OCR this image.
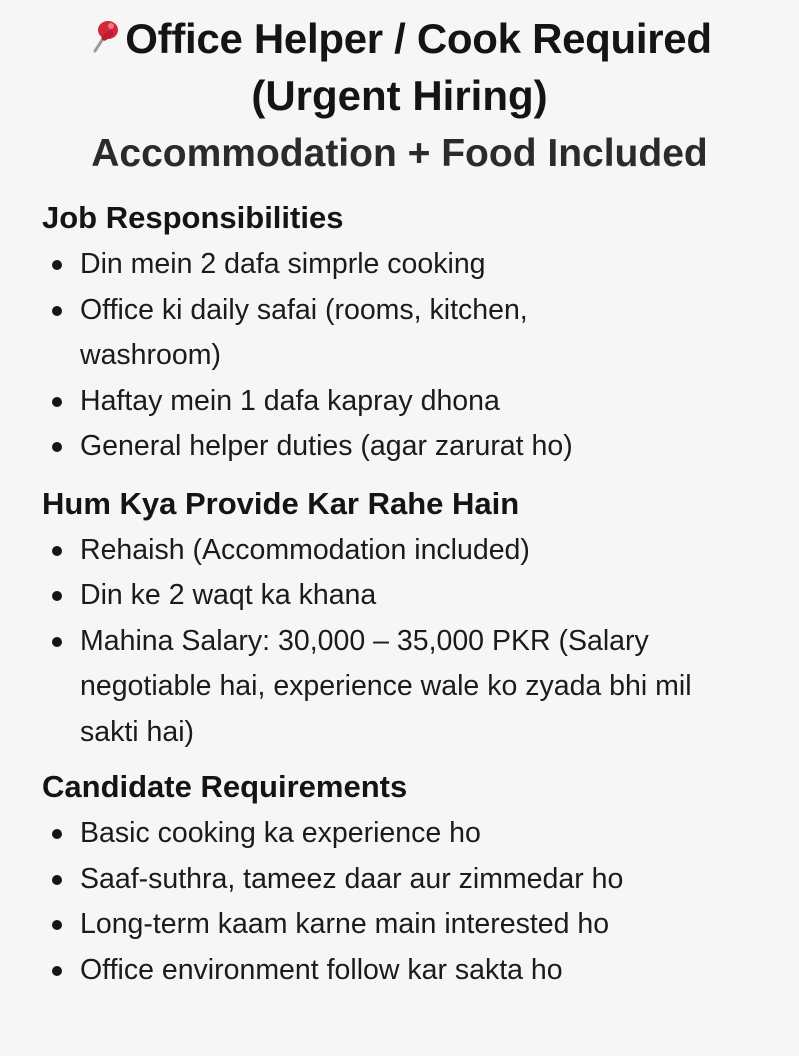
Office Helper / Cook Required
(Urgent Hiring)
Accommodation + Food Included
Job Responsibilities
Din mein 2 dafa simprle cooking
Office ki daily safai (rooms, kitchen, washroom)
Haftay mein 1 dafa kapray dhona
General helper duties (agar zarurat ho)
Hum Kya Provide Kar Rahe Hain
Rehaish (Accommodation included)
Din ke 2 waqt ka khana
Mahina Salary: 30,000 – 35,000 PKR (Salary negotiable hai, experience wale ko zyada bhi mil sakti hai)
Candidate Requirements
Basic cooking ka experience ho
Saaf-suthra, tameez daar aur zimmedar ho
Long-term kaam karne main interested ho
Office environment follow kar sakta ho
